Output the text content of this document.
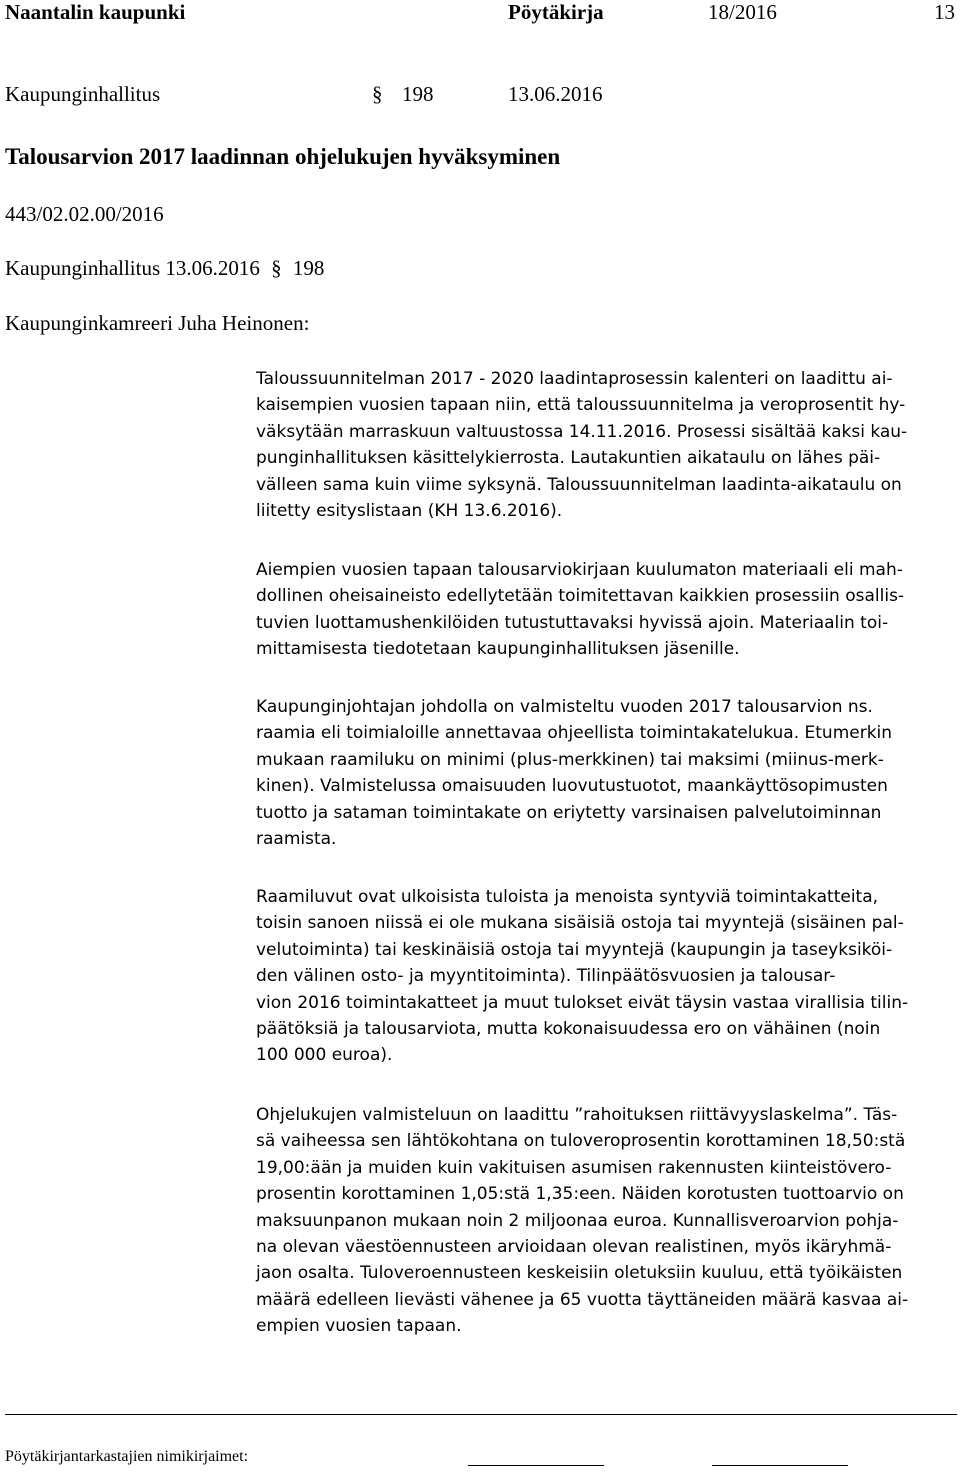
Naantalin kaupunki	Pöytäkirja	18/2016	13
Kaupunginhallitus	§ 198	13.06.2016
Talousarvion 2017 laadinnan ohjelukujen hyväksyminen
443/02.02.00/2016
Kaupunginhallitus 13.06.2016 § 198
Kaupunginkamreeri Juha Heinonen:
Taloussuunnitelman 2017 - 2020 laadintaprosessin kalenteri on laadittu ai-
kaisempien vuosien tapaan niin, että taloussuunnitelma ja veroprosentit hy-
väksytään marraskuun valtuustossa 14.11.2016. Prosessi sisältää kaksi kau-
punginhallituksen käsittelykierrosta. Lautakuntien aikataulu on lähes päi-
välleen sama kuin viime syksynä. Taloussuunnitelman laadinta-aikataulu on
liitetty esityslistaan (KH 13.6.2016).
Aiempien vuosien tapaan talousarviokirjaan kuulumaton materiaali eli mah-
dollinen oheisaineisto edellytetään toimitettavan kaikkien prosessiin osallis-
tuvien luottamushenkilöiden tutustuttavaksi hyvissä ajoin. Materiaalin toi-
mittamisesta tiedotetaan kaupunginhallituksen jäsenille.
Kaupunginjohtajan johdolla on valmisteltu vuoden 2017 talousarvion ns.
raamia eli toimialoille annettavaa ohjeellista toimintakatelukua. Etumerkin
mukaan raamiluku on minimi (plus-merkkinen) tai maksimi (miinus-merk-
kinen). Valmistelussa omaisuuden luovutustuotot, maankäyttösopimusten
tuotto ja sataman toimintakate on eriytetty varsinaisen palvelutoiminnan
raamista.
Raamiluvut ovat ulkoisista tuloista ja menoista syntyviä toimintakatteita,
toisin sanoen niissä ei ole mukana sisäisiä ostoja tai myyntejä (sisäinen pal-
velutoiminta) tai keskinäisiä ostoja tai myyntejä (kaupungin ja taseyksiköi-
den välinen osto- ja myyntitoiminta). Tilinpäätösvuosien ja talousar-
vion 2016 toimintakatteet ja muut tulokset eivät täysin vastaa virallisia tilin-
päätöksiä ja talousarviota, mutta kokonaisuudessa ero on vähäinen (noin
100 000 euroa).
Ohjelukujen valmisteluun on laadittu ”rahoituksen riittävyyslaskelma”. Täs-
sä vaiheessa sen lähtökohtana on tuloveroprosentin korottaminen 18,50:stä
19,00:ään ja muiden kuin vakituisen asumisen rakennusten kiinteistövero-
prosentin korottaminen 1,05:stä 1,35:een. Näiden korotusten tuottoarvio on
maksuunpanon mukaan noin 2 miljoonaa euroa. Kunnallisveroarvion pohja-
na olevan väestöennusteen arvioidaan olevan realistinen, myös ikäryhmä-
jaon osalta. Tuloveroennusteen keskeisiin oletuksiin kuuluu, että työikäisten
määrä edelleen lievästi vähenee ja 65 vuotta täyttäneiden määrä kasvaa ai-
empien vuosien tapaan.
Pöytäkirjantarkastajien nimikirjaimet:
